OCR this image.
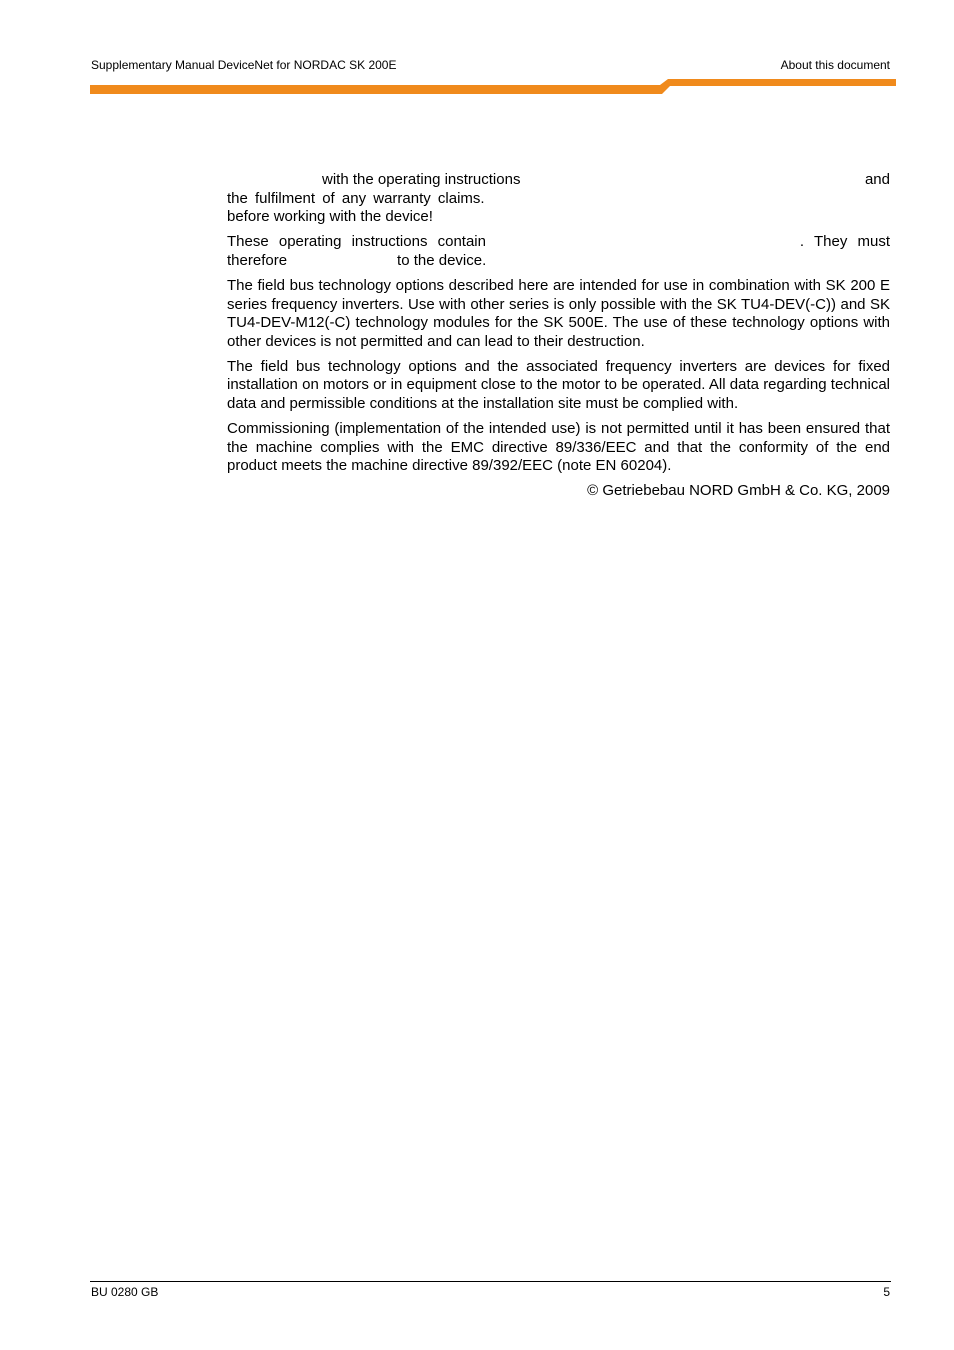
Supplementary Manual DeviceNet for NORDAC SK 200E	About this document

with the operating instructions	and
the fulfilment of any warranty claims.
before working with the device!

These operating instructions contain	. They must
therefore	to the device.

The field bus technology options described here are intended for use in combination with SK 200 E series frequency inverters. Use with other series is only possible with the SK TU4-DEV(-C)) and SK TU4-DEV-M12(-C) technology modules for the SK 500E. The use of these technology options with other devices is not permitted and can lead to their destruction.

The field bus technology options and the associated frequency inverters are devices for fixed installation on motors or in equipment close to the motor to be operated. All data regarding technical data and permissible conditions at the installation site must be complied with.

Commissioning (implementation of the intended use) is not permitted until it has been ensured that the machine complies with the EMC directive 89/336/EEC and that the conformity of the end product meets the machine directive 89/392/EEC (note EN 60204).

© Getriebebau NORD GmbH & Co. KG, 2009

BU 0280 GB	5
